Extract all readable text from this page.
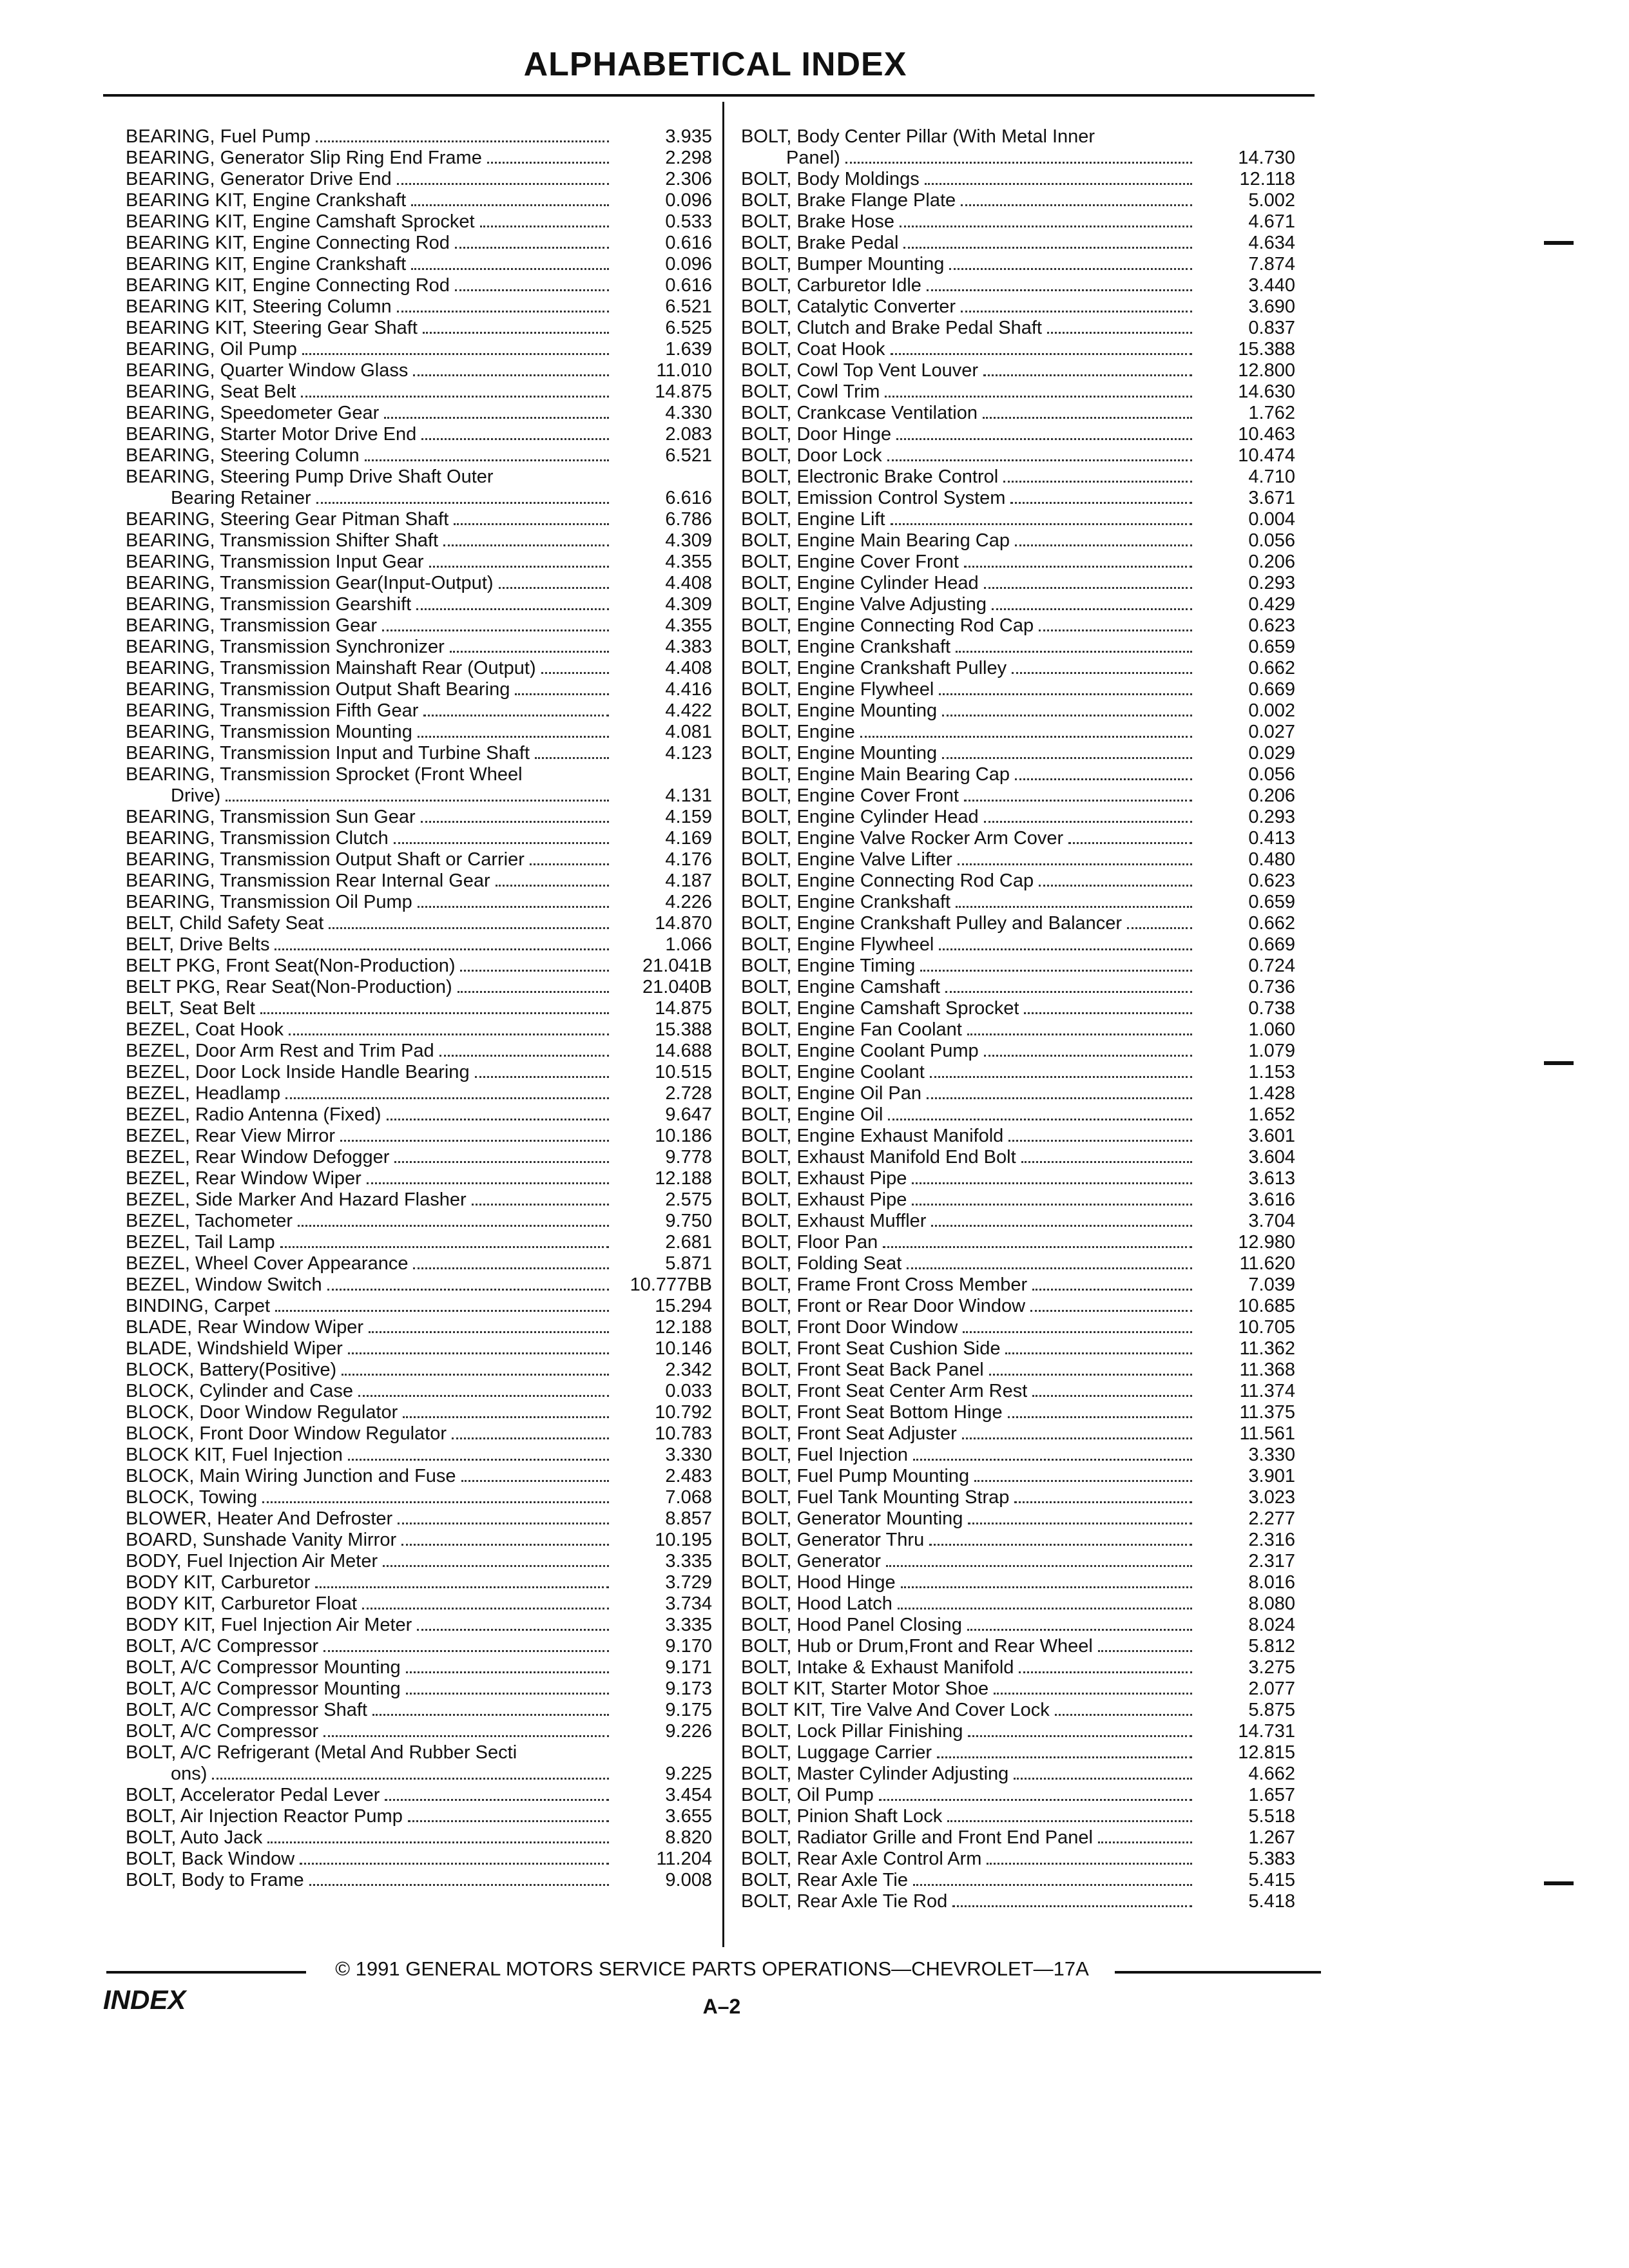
ALPHABETICAL INDEX
BEARING, Fuel Pump	3.935
BEARING, Generator Slip Ring End Frame	2.298
BEARING, Generator Drive End	2.306
BEARING KIT, Engine Crankshaft	0.096
BEARING KIT, Engine Camshaft Sprocket	0.533
BEARING KIT, Engine Connecting Rod	0.616
BEARING KIT, Engine Crankshaft	0.096
BEARING KIT, Engine Connecting Rod	0.616
BEARING KIT, Steering Column	6.521
BEARING KIT, Steering Gear Shaft	6.525
BEARING, Oil Pump	1.639
BEARING, Quarter Window Glass	11.010
BEARING, Seat Belt	14.875
BEARING, Speedometer Gear	4.330
BEARING, Starter Motor Drive End	2.083
BEARING, Steering Column	6.521
BEARING, Steering Pump Drive Shaft Outer
Bearing Retainer	6.616
BEARING, Steering Gear Pitman Shaft	6.786
BEARING, Transmission Shifter Shaft	4.309
BEARING, Transmission Input Gear	4.355
BEARING, Transmission Gear(Input-Output)	4.408
BEARING, Transmission Gearshift	4.309
BEARING, Transmission Gear	4.355
BEARING, Transmission Synchronizer	4.383
BEARING, Transmission Mainshaft Rear (Output)	4.408
BEARING, Transmission Output Shaft Bearing	4.416
BEARING, Transmission Fifth Gear	4.422
BEARING, Transmission Mounting	4.081
BEARING, Transmission Input and Turbine Shaft	4.123
BEARING, Transmission Sprocket (Front Wheel
Drive)	4.131
BEARING, Transmission Sun Gear	4.159
BEARING, Transmission Clutch	4.169
BEARING, Transmission Output Shaft or Carrier	4.176
BEARING, Transmission Rear Internal Gear	4.187
BEARING, Transmission Oil Pump	4.226
BELT, Child Safety Seat	14.870
BELT, Drive Belts	1.066
BELT PKG, Front Seat(Non-Production)	21.041B
BELT PKG, Rear Seat(Non-Production)	21.040B
BELT, Seat Belt	14.875
BEZEL, Coat Hook	15.388
BEZEL, Door Arm Rest and Trim Pad	14.688
BEZEL, Door Lock Inside Handle Bearing	10.515
BEZEL, Headlamp	2.728
BEZEL, Radio Antenna (Fixed)	9.647
BEZEL, Rear View Mirror	10.186
BEZEL, Rear Window Defogger	9.778
BEZEL, Rear Window Wiper	12.188
BEZEL, Side Marker And Hazard Flasher	2.575
BEZEL, Tachometer	9.750
BEZEL, Tail Lamp	2.681
BEZEL, Wheel Cover Appearance	5.871
BEZEL, Window Switch	10.777BB
BINDING, Carpet	15.294
BLADE, Rear Window Wiper	12.188
BLADE, Windshield Wiper	10.146
BLOCK, Battery(Positive)	2.342
BLOCK, Cylinder and Case	0.033
BLOCK, Door Window Regulator	10.792
BLOCK, Front Door Window Regulator	10.783
BLOCK KIT, Fuel Injection	3.330
BLOCK, Main Wiring Junction and Fuse	2.483
BLOCK, Towing	7.068
BLOWER, Heater And Defroster	8.857
BOARD, Sunshade Vanity Mirror	10.195
BODY, Fuel Injection Air Meter	3.335
BODY KIT, Carburetor	3.729
BODY KIT, Carburetor Float	3.734
BODY KIT, Fuel Injection Air Meter	3.335
BOLT, A/C Compressor	9.170
BOLT, A/C Compressor Mounting	9.171
BOLT, A/C Compressor Mounting	9.173
BOLT, A/C Compressor Shaft	9.175
BOLT, A/C Compressor	9.226
BOLT, A/C Refrigerant (Metal And Rubber Secti
ons)	9.225
BOLT, Accelerator Pedal Lever	3.454
BOLT, Air Injection Reactor Pump	3.655
BOLT, Auto Jack	8.820
BOLT, Back Window	11.204
BOLT, Body to Frame	9.008
BOLT, Body Center Pillar (With Metal Inner
Panel)	14.730
BOLT, Body Moldings	12.118
BOLT, Brake Flange Plate	5.002
BOLT, Brake Hose	4.671
BOLT, Brake Pedal	4.634
BOLT, Bumper Mounting	7.874
BOLT, Carburetor Idle	3.440
BOLT, Catalytic Converter	3.690
BOLT, Clutch and Brake Pedal Shaft	0.837
BOLT, Coat Hook	15.388
BOLT, Cowl Top Vent Louver	12.800
BOLT, Cowl Trim	14.630
BOLT, Crankcase Ventilation	1.762
BOLT, Door Hinge	10.463
BOLT, Door Lock	10.474
BOLT, Electronic Brake Control	4.710
BOLT, Emission Control System	3.671
BOLT, Engine Lift	0.004
BOLT, Engine Main Bearing Cap	0.056
BOLT, Engine Cover Front	0.206
BOLT, Engine Cylinder Head	0.293
BOLT, Engine Valve Adjusting	0.429
BOLT, Engine Connecting Rod Cap	0.623
BOLT, Engine Crankshaft	0.659
BOLT, Engine Crankshaft Pulley	0.662
BOLT, Engine Flywheel	0.669
BOLT, Engine Mounting	0.002
BOLT, Engine	0.027
BOLT, Engine Mounting	0.029
BOLT, Engine Main Bearing Cap	0.056
BOLT, Engine Cover Front	0.206
BOLT, Engine Cylinder Head	0.293
BOLT, Engine Valve Rocker Arm Cover	0.413
BOLT, Engine Valve Lifter	0.480
BOLT, Engine Connecting Rod Cap	0.623
BOLT, Engine Crankshaft	0.659
BOLT, Engine Crankshaft Pulley and Balancer	0.662
BOLT, Engine Flywheel	0.669
BOLT, Engine Timing	0.724
BOLT, Engine Camshaft	0.736
BOLT, Engine Camshaft Sprocket	0.738
BOLT, Engine Fan Coolant	1.060
BOLT, Engine Coolant Pump	1.079
BOLT, Engine Coolant	1.153
BOLT, Engine Oil Pan	1.428
BOLT, Engine Oil	1.652
BOLT, Engine Exhaust Manifold	3.601
BOLT, Exhaust Manifold End Bolt	3.604
BOLT, Exhaust Pipe	3.613
BOLT, Exhaust Pipe	3.616
BOLT, Exhaust Muffler	3.704
BOLT, Floor Pan	12.980
BOLT, Folding Seat	11.620
BOLT, Frame Front Cross Member	7.039
BOLT, Front or Rear Door Window	10.685
BOLT, Front Door Window	10.705
BOLT, Front Seat Cushion Side	11.362
BOLT, Front Seat Back Panel	11.368
BOLT, Front Seat Center Arm Rest	11.374
BOLT, Front Seat Bottom Hinge	11.375
BOLT, Front Seat Adjuster	11.561
BOLT, Fuel Injection	3.330
BOLT, Fuel Pump Mounting	3.901
BOLT, Fuel Tank Mounting Strap	3.023
BOLT, Generator Mounting	2.277
BOLT, Generator Thru	2.316
BOLT, Generator	2.317
BOLT, Hood Hinge	8.016
BOLT, Hood Latch	8.080
BOLT, Hood Panel Closing	8.024
BOLT, Hub or Drum,Front and Rear Wheel	5.812
BOLT, Intake & Exhaust Manifold	3.275
BOLT KIT, Starter Motor Shoe	2.077
BOLT KIT, Tire Valve And Cover Lock	5.875
BOLT, Lock Pillar Finishing	14.731
BOLT, Luggage Carrier	12.815
BOLT, Master Cylinder Adjusting	4.662
BOLT, Oil Pump	1.657
BOLT, Pinion Shaft Lock	5.518
BOLT, Radiator Grille and Front End Panel	1.267
BOLT, Rear Axle Control Arm	5.383
BOLT, Rear Axle Tie	5.415
BOLT, Rear Axle Tie Rod	5.418
© 1991 GENERAL MOTORS SERVICE PARTS OPERATIONS—CHEVROLET—17A
INDEX	A–2
